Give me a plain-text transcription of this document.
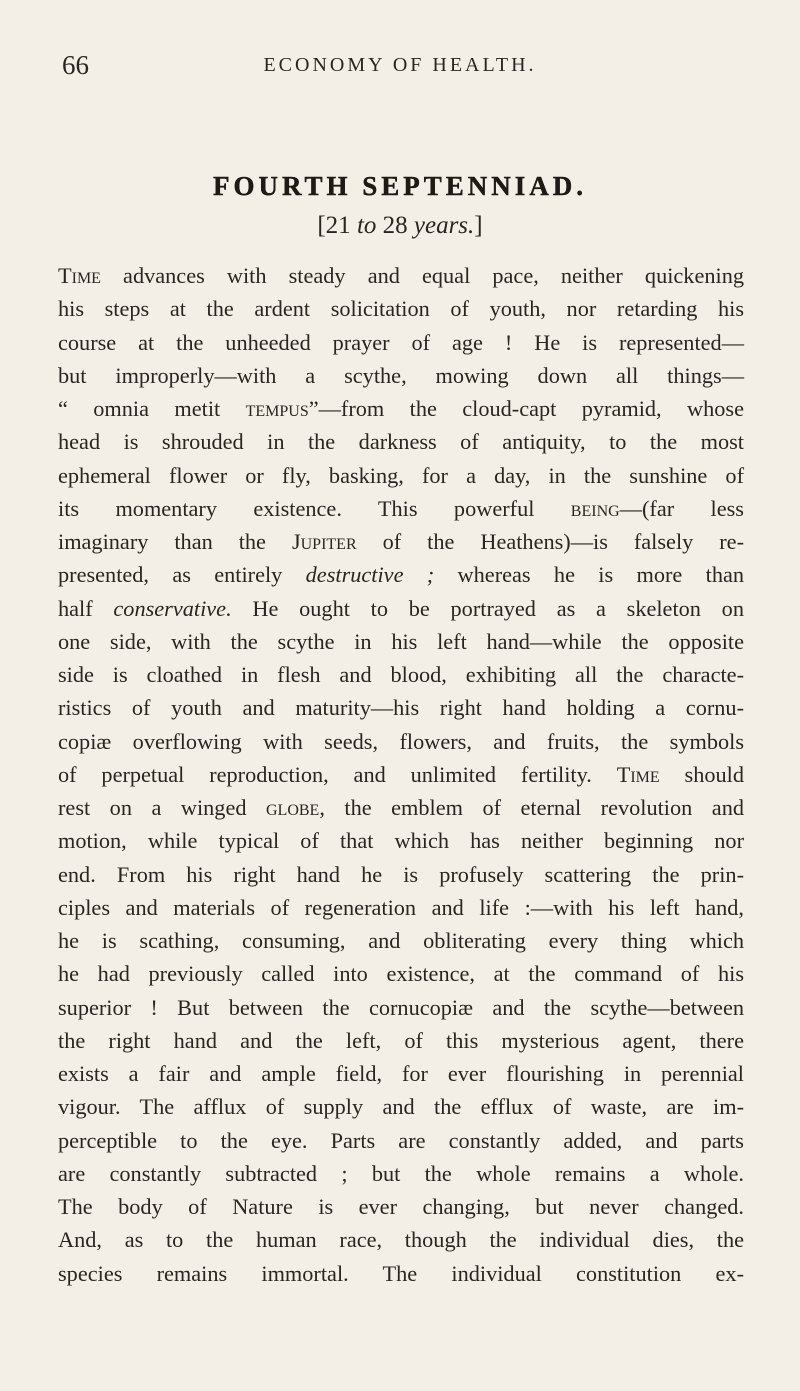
66	ECONOMY OF HEALTH.
FOURTH SEPTENNIAD.
[21 to 28 years.]
Time advances with steady and equal pace, neither quickening
his steps at the ardent solicitation of youth, nor retarding his
course at the unheeded prayer of age ! He is represented—
but improperly—with a scythe, mowing down all things—
“ omnia metit tempus”—from the cloud-capt pyramid, whose
head is shrouded in the darkness of antiquity, to the most
ephemeral flower or fly, basking, for a day, in the sunshine of
its momentary existence. This powerful being—(far less
imaginary than the Jupiter of the Heathens)—is falsely re-
presented, as entirely destructive ; whereas he is more than
half conservative. He ought to be portrayed as a skeleton on
one side, with the scythe in his left hand—while the opposite
side is cloathed in flesh and blood, exhibiting all the characte-
ristics of youth and maturity—his right hand holding a cornu-
copiæ overflowing with seeds, flowers, and fruits, the symbols
of perpetual reproduction, and unlimited fertility. Time should
rest on a winged globe, the emblem of eternal revolution and
motion, while typical of that which has neither beginning nor
end. From his right hand he is profusely scattering the prin-
ciples and materials of regeneration and life :—with his left hand,
he is scathing, consuming, and obliterating every thing which
he had previously called into existence, at the command of his
superior ! But between the cornucopiæ and the scythe—between
the right hand and the left, of this mysterious agent, there
exists a fair and ample field, for ever flourishing in perennial
vigour. The afflux of supply and the efflux of waste, are im-
perceptible to the eye. Parts are constantly added, and parts
are constantly subtracted ; but the whole remains a whole.
The body of Nature is ever changing, but never changed.
And, as to the human race, though the individual dies, the
species remains immortal. The individual constitution ex-
